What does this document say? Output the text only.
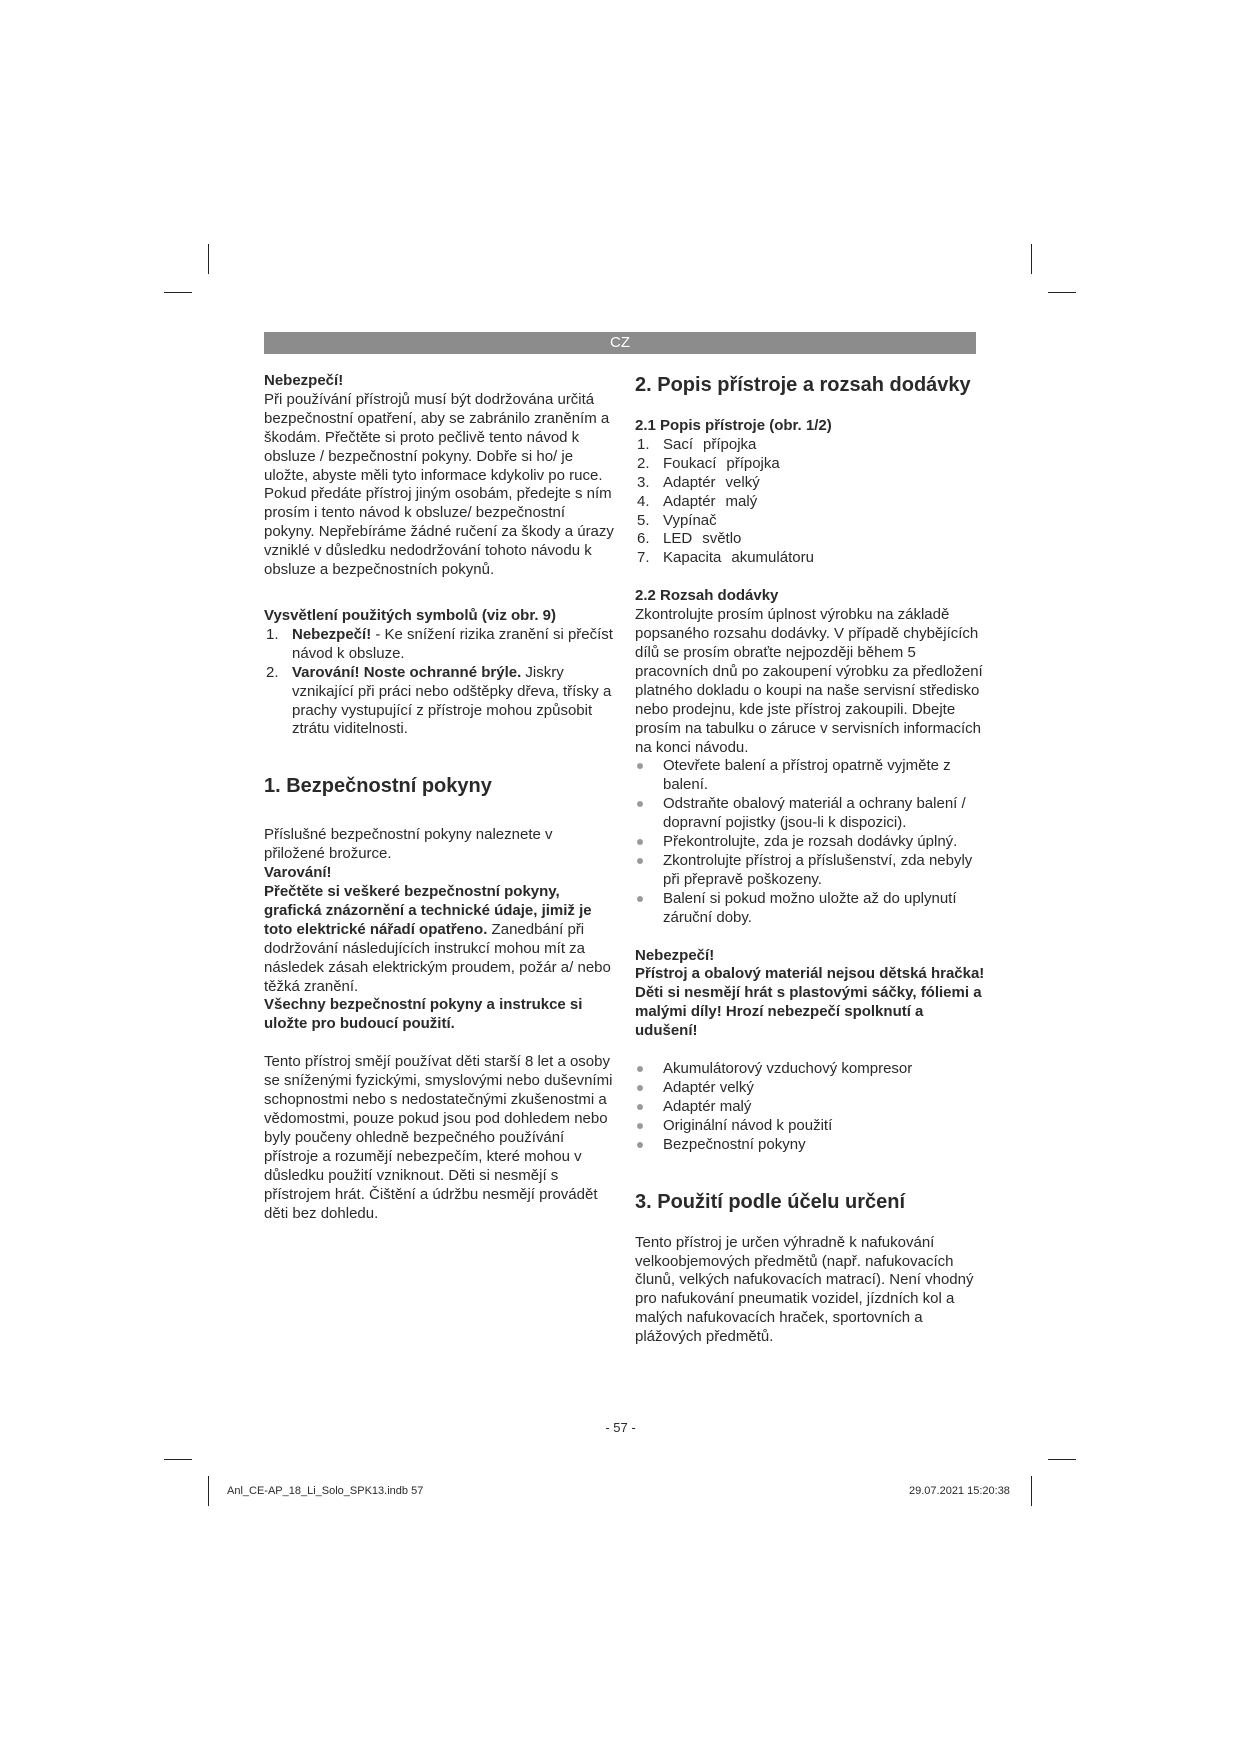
CZ

Nebezpečí!

Při používání přístrojů musí být dodržována určitá bezpečnostní opatření, aby se zabránilo zraněním a škodám. Přečtěte si proto pečlivě tento návod k obsluze / bezpečnostní pokyny. Dobře si ho/ je uložte, abyste měli tyto informace kdykoliv po ruce. Pokud předáte přístroj jiným osobám, předejte s ním prosím i tento návod k obsluze/ bezpečnostní pokyny. Nepřebíráme žádné ručení za škody a úrazy vzniklé v důsledku nedodržování tohoto návodu k obsluze a bezpečnostních pokynů.

Vysvětlení použitých symbolů (viz obr. 9)

1. Nebezpečí! - Ke snížení rizika zranění si přečíst návod k obsluze.
2. Varování! Noste ochranné brýle. Jiskry vznikající při práci nebo odštěpky dřeva, třísky a prachy vystupující z přístroje mohou způsobit ztrátu viditelnosti.

1. Bezpečnostní pokyny

Příslušné bezpečnostní pokyny naleznete v přiložené brožurce.

Varování!

Přečtěte si veškeré bezpečnostní pokyny, grafická znázornění a technické údaje, jimiž je toto elektrické nářadí opatřeno. Zanedbání při dodržování následujících instrukcí mohou mít za následek zásah elektrickým proudem, požár a/ nebo těžká zranění.

Všechny bezpečnostní pokyny a instrukce si uložte pro budoucí použití.

Tento přístroj smějí používat děti starší 8 let a osoby se sníženými fyzickými, smyslovými nebo duševními schopnostmi nebo s nedostatečnými zkušenostmi a vědomostmi, pouze pokud jsou pod dohledem nebo byly poučeny ohledně bezpečného používání přístroje a rozumějí nebezpečím, které mohou v důsledku použití vzniknout. Děti si nesmějí s přístrojem hrát. Čištění a údržbu nesmějí provádět děti bez dohledu.

2. Popis přístroje a rozsah dodávky

2.1 Popis přístroje (obr. 1/2)

1. Sací přípojka
2. Foukací přípojka
3. Adaptér velký
4. Adaptér malý
5. Vypínač
6. LED světlo
7. Kapacita akumulátoru

2.2 Rozsah dodávky

Zkontrolujte prosím úplnost výrobku na základě popsaného rozsahu dodávky. V případě chybějících dílů se prosím obraťte nejpozději během 5 pracovních dnů po zakoupení výrobku za předložení platného dokladu o koupi na naše servisní středisko nebo prodejnu, kde jste přístroj zakoupili. Dbejte prosím na tabulku o záruce v servisních informacích na konci návodu.

Otevřete balení a přístroj opatrně vyjměte z balení.
Odstraňte obalový materiál a ochrany balení / dopravní pojistky (jsou-li k dispozici).
Překontrolujte, zda je rozsah dodávky úplný.
Zkontrolujte přístroj a příslušenství, zda nebyly při přepravě poškozeny.
Balení si pokud možno uložte až do uplynutí záruční doby.

Nebezpečí!

Přístroj a obalový materiál nejsou dětská hračka! Děti si nesmějí hrát s plastovými sáčky, fóliemi a malými díly! Hrozí nebezpečí spolknutí a udušení!

Akumulátorový vzduchový kompresor
Adaptér velký
Adaptér malý
Originální návod k použití
Bezpečnostní pokyny

3. Použití podle účelu určení

Tento přístroj je určen výhradně k nafukování velkoobjemových předmětů (např. nafukovacích člunů, velkých nafukovacích matrací). Není vhodný pro nafukování pneumatik vozidel, jízdních kol a malých nafukovacích hraček, sportovních a plážových předmětů.

- 57 -
Anl_CE-AP_18_Li_Solo_SPK13.indb 57	29.07.2021 15:20:38
